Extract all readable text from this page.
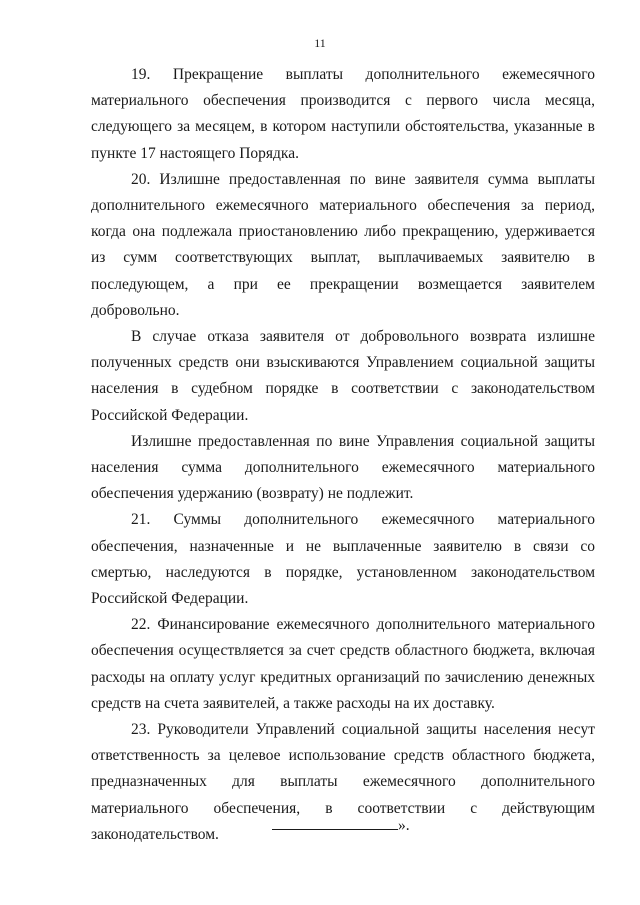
11

19. Прекращение выплаты дополнительного ежемесячного материального обеспечения производится с первого числа месяца, следующего за месяцем, в котором наступили обстоятельства, указанные в пункте 17 настоящего Порядка.

20. Излишне предоставленная по вине заявителя сумма выплаты дополнительного ежемесячного материального обеспечения за период, когда она подлежала приостановлению либо прекращению, удерживается из сумм соответствующих выплат, выплачиваемых заявителю в последующем, а при ее прекращении возмещается заявителем добровольно.

В случае отказа заявителя от добровольного возврата излишне полученных средств они взыскиваются Управлением социальной защиты населения в судебном порядке в соответствии с законодательством Российской Федерации.

Излишне предоставленная по вине Управления социальной защиты населения сумма дополнительного ежемесячного материального обеспечения удержанию (возврату) не подлежит.

21. Суммы дополнительного ежемесячного материального обеспечения, назначенные и не выплаченные заявителю в связи со смертью, наследуются в порядке, установленном законодательством Российской Федерации.

22. Финансирование ежемесячного дополнительного материального обеспечения осуществляется за счет средств областного бюджета, включая расходы на оплату услуг кредитных организаций по зачислению денежных средств на счета заявителей, а также расходы на их доставку.

23. Руководители Управлений социальной защиты населения несут ответственность за целевое использование средств областного бюджета, предназначенных для выплаты ежемесячного дополнительного материального обеспечения, в соответствии с действующим законодательством.

».
